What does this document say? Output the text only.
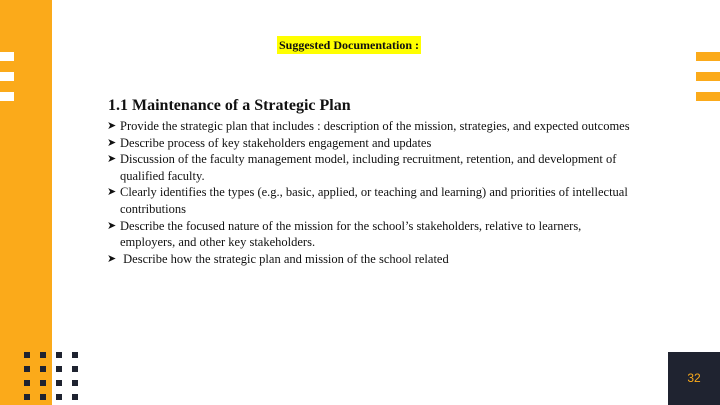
Suggested Documentation :
1.1 Maintenance of a Strategic Plan
➤ Provide the strategic plan that includes : description of the mission, strategies, and expected outcomes
➤ Describe process of key stakeholders engagement and updates
➤ Discussion of the faculty management model, including recruitment, retention, and development of qualified faculty.
➤ Clearly identifies the types (e.g., basic, applied, or teaching and learning) and priorities of intellectual contributions
➤ Describe the focused nature of the mission for the school’s stakeholders, relative to learners, employers, and other key stakeholders.
➤ Describe how the strategic plan and mission of the school related
32
